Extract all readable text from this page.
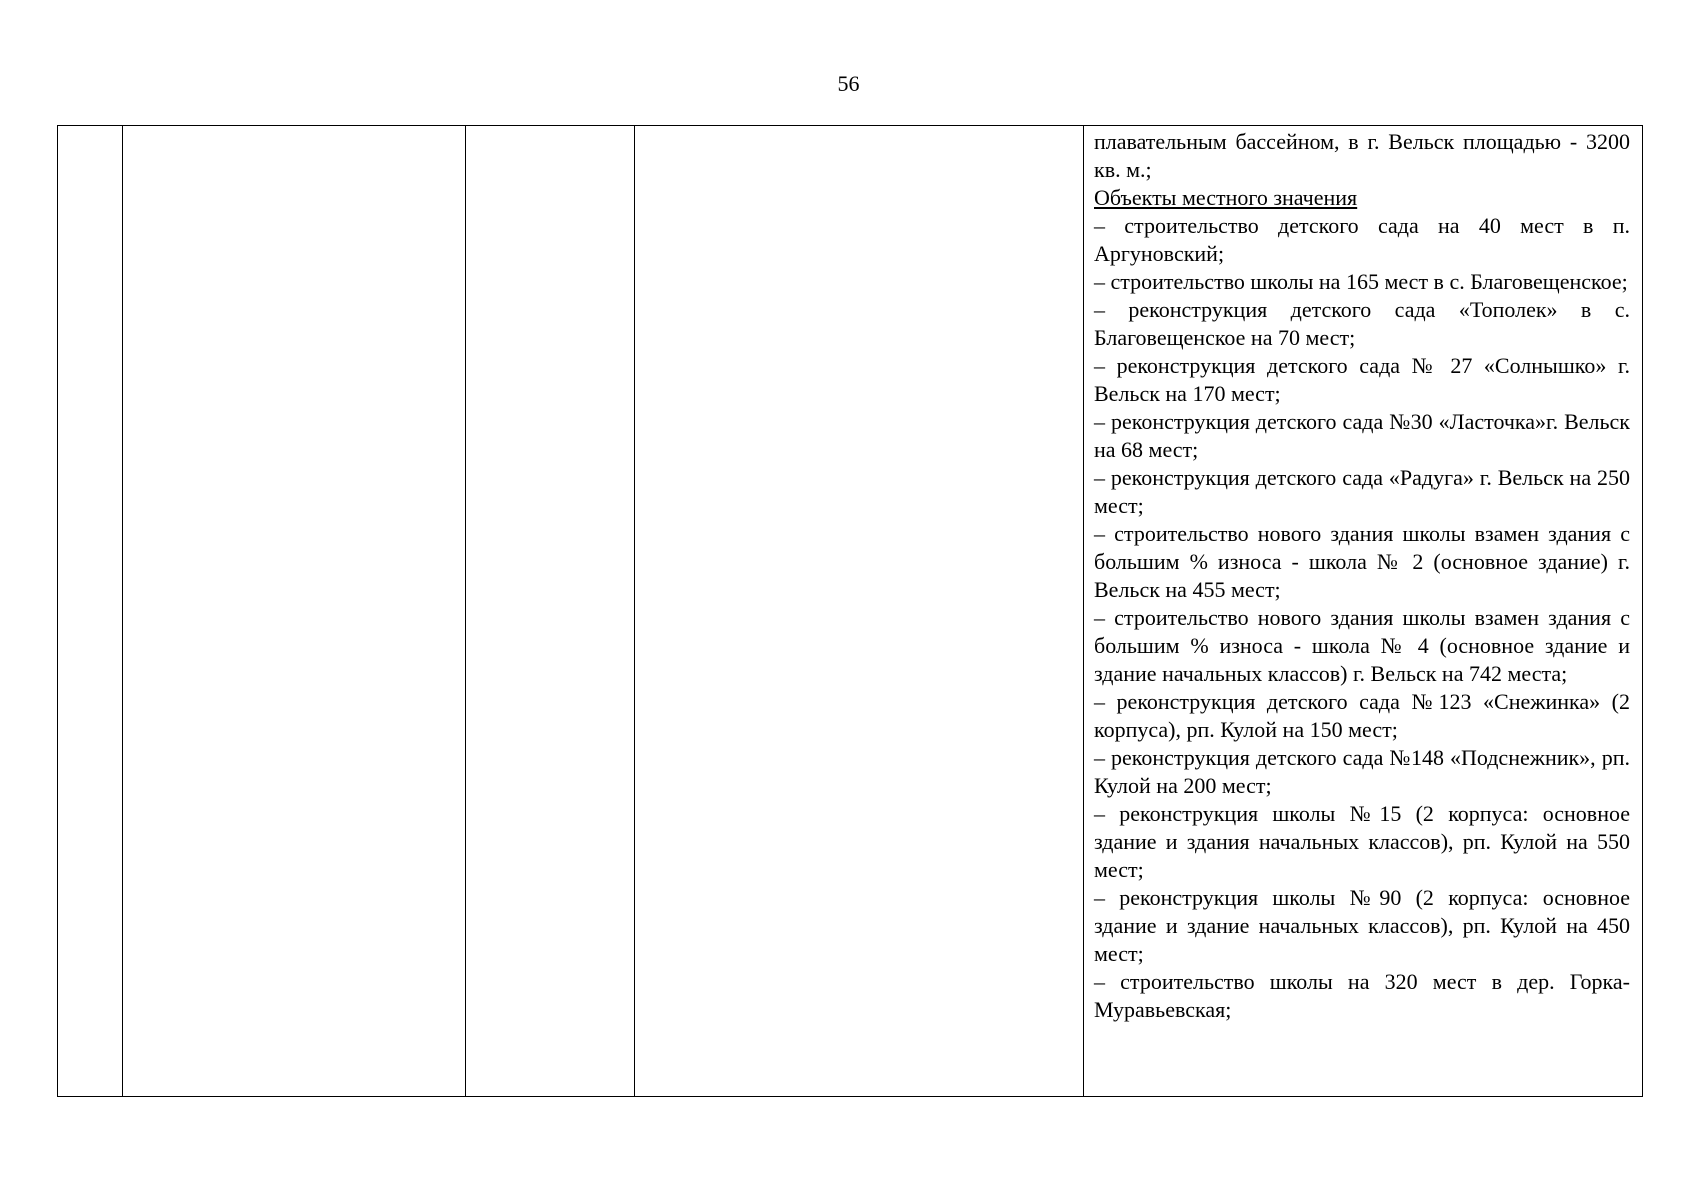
56

плавательным бассейном, в г. Вельск площадью - 3200 кв. м.;

Объекты местного значения

– строительство детского сада на 40 мест в п. Аргуновский;

– строительство школы на 165 мест в с. Благовещенское;

– реконструкция детского сада «Тополек» в с. Благовещенское на 70 мест;

– реконструкция детского сада № 27 «Солнышко» г. Вельск на 170 мест;

– реконструкция детского сада №30 «Ласточка»г. Вельск на 68 мест;

– реконструкция детского сада «Радуга» г. Вельск на 250 мест;

– строительство нового здания школы взамен здания с большим % износа - школа № 2 (основное здание) г. Вельск на 455 мест;

– строительство нового здания школы взамен здания с большим % износа - школа № 4 (основное здание и здание начальных классов) г. Вельск на 742 места;

– реконструкция детского сада №123 «Снежинка» (2 корпуса), рп. Кулой на 150 мест;

– реконструкция детского сада №148 «Подснежник», рп. Кулой на 200 мест;

– реконструкция школы №15 (2 корпуса: основное здание и здания начальных классов), рп. Кулой на 550 мест;

– реконструкция школы №90 (2 корпуса: основное здание и здание начальных классов), рп. Кулой на 450 мест;

– строительство школы на 320 мест в дер. Горка-Муравьевская;
